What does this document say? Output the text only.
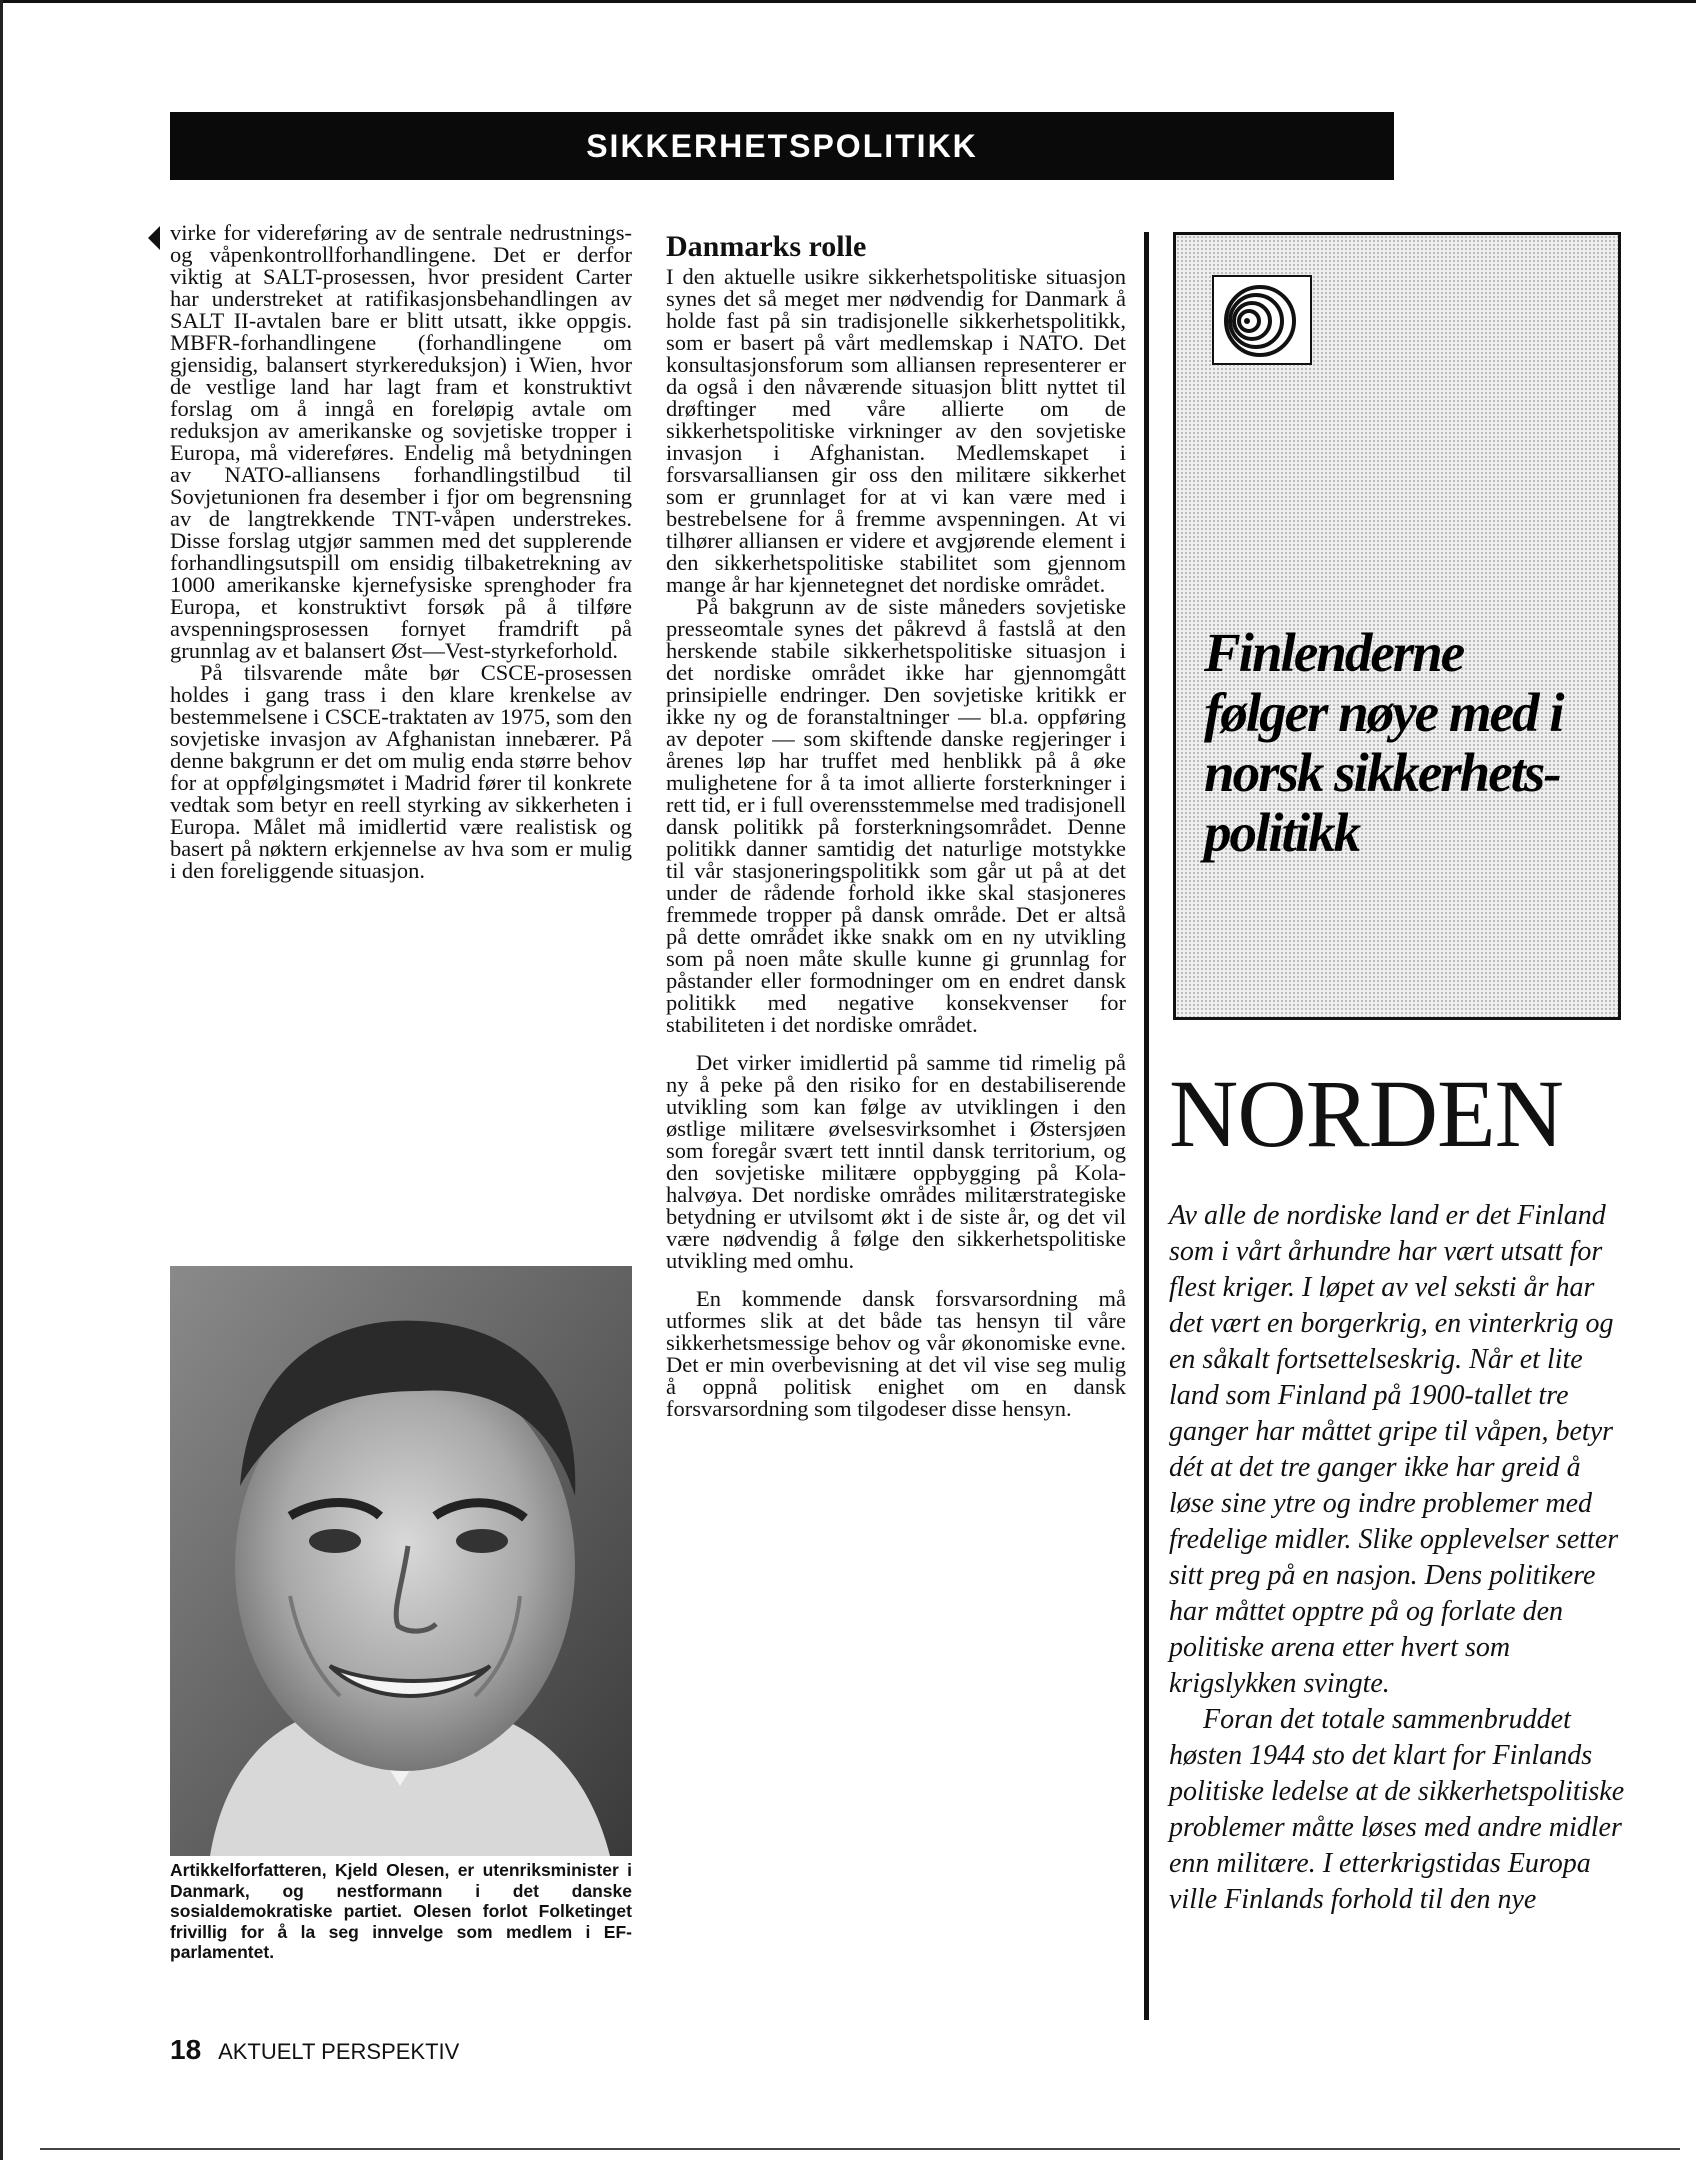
SIKKERHETSPOLITIKK

virke for videreføring av de sentrale nedrustnings- og våpenkontrollforhandlingene. Det er derfor viktig at SALT-prosessen, hvor president Carter har understreket at ratifikasjonsbehandlingen av SALT II-avtalen bare er blitt utsatt, ikke oppgis. MBFR-forhandlingene (forhandlingene om gjensidig, balansert styrkereduksjon) i Wien, hvor de vestlige land har lagt fram et konstruktivt forslag om å inngå en foreløpig avtale om reduksjon av amerikanske og sovjetiske tropper i Europa, må videreføres. Endelig må betydningen av NATO-alliansens forhandlingstilbud til Sovjetunionen fra desember i fjor om begrensning av de langtrekkende TNT-våpen understrekes. Disse forslag utgjør sammen med det supplerende forhandlingsutspill om ensidig tilbaketrekning av 1000 amerikanske kjernefysiske sprenghoder fra Europa, et konstruktivt forsøk på å tilføre avspenningsprosessen fornyet framdrift på grunnlag av et balansert Øst—Vest-styrkeforhold.

På tilsvarende måte bør CSCE-prosessen holdes i gang trass i den klare krenkelse av bestemmelsene i CSCE-traktaten av 1975, som den sovjetiske invasjon av Afghanistan innebærer. På denne bakgrunn er det om mulig enda større behov for at oppfølgingsmøtet i Madrid fører til konkrete vedtak som betyr en reell styrking av sikkerheten i Europa. Målet må imidlertid være realistisk og basert på nøktern erkjennelse av hva som er mulig i den foreliggende situasjon.

Artikkelforfatteren, Kjeld Olesen, er utenriksminister i Danmark, og nestformann i det danske sosialdemokratiske partiet. Olesen forlot Folketinget frivillig for å la seg innvelge som medlem i EF-parlamentet.
18 AKTUELT PERSPEKTIV
Danmarks rolle

I den aktuelle usikre sikkerhetspolitiske situasjon synes det så meget mer nødvendig for Danmark å holde fast på sin tradisjonelle sikkerhetspolitikk, som er basert på vårt medlemskap i NATO. Det konsultasjonsforum som alliansen representerer er da også i den nåværende situasjon blitt nyttet til drøftinger med våre allierte om de sikkerhetspolitiske virkninger av den sovjetiske invasjon i Afghanistan. Medlemskapet i forsvarsalliansen gir oss den militære sikkerhet som er grunnlaget for at vi kan være med i bestrebelsene for å fremme avspenningen. At vi tilhører alliansen er videre et avgjørende element i den sikkerhetspolitiske stabilitet som gjennom mange år har kjennetegnet det nordiske området.

På bakgrunn av de siste måneders sovjetiske presseomtale synes det påkrevd å fastslå at den herskende stabile sikkerhetspolitiske situasjon i det nordiske området ikke har gjennomgått prinsipielle endringer. Den sovjetiske kritikk er ikke ny og de foranstaltninger — bl.a. oppføring av depoter — som skiftende danske regjeringer i årenes løp har truffet med henblikk på å øke mulighetene for å ta imot allierte forsterkninger i rett tid, er i full overensstemmelse med tradisjonell dansk politikk på forsterkningsområdet. Denne politikk danner samtidig det naturlige motstykke til vår stasjoneringspolitikk som går ut på at det under de rådende forhold ikke skal stasjoneres fremmede tropper på dansk område. Det er altså på dette området ikke snakk om en ny utvikling som på noen måte skulle kunne gi grunnlag for påstander eller formodninger om en endret dansk politikk med negative konsekvenser for stabiliteten i det nordiske området.

Det virker imidlertid på samme tid rimelig på ny å peke på den risiko for en destabiliserende utvikling som kan følge av utviklingen i den østlige militære øvelsesvirksomhet i Østersjøen som foregår svært tett inntil dansk territorium, og den sovjetiske militære oppbygging på Kola-halvøya. Det nordiske områdes militærstrategiske betydning er utvilsomt økt i de siste år, og det vil være nødvendig å følge den sikkerhetspolitiske utvikling med omhu.

En kommende dansk forsvarsordning må utformes slik at det både tas hensyn til våre sikkerhetsmessige behov og vår økonomiske evne. Det er min overbevisning at det vil vise seg mulig å oppnå politisk enighet om en dansk forsvarsordning som tilgodeser disse hensyn.

Finlenderne følger nøye med i norsk sikkerhets-politikk
NORDEN

Av alle de nordiske land er det Finland som i vårt århundre har vært utsatt for flest kriger. I løpet av vel seksti år har det vært en borgerkrig, en vinterkrig og en såkalt fortsettelseskrig. Når et lite land som Finland på 1900-tallet tre ganger har måttet gripe til våpen, betyr dét at det tre ganger ikke har greid å løse sine ytre og indre problemer med fredelige midler. Slike opplevelser setter sitt preg på en nasjon. Dens politikere har måttet opptre på og forlate den politiske arena etter hvert som krigslykken svingte.

Foran det totale sammenbruddet høsten 1944 sto det klart for Finlands politiske ledelse at de sikkerhetspolitiske problemer måtte løses med andre midler enn militære. I etterkrigstidas Europa ville Finlands forhold til den nye
